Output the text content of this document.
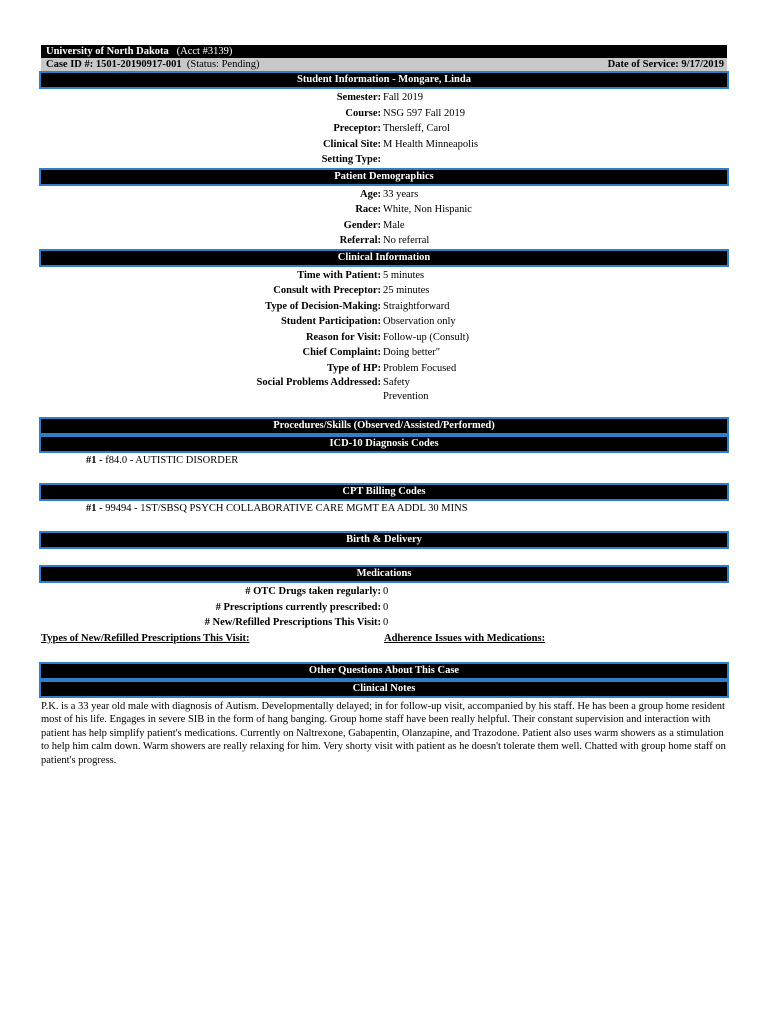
University of North Dakota (Acct #3139)
Case ID #: 1501-20190917-001 (Status: Pending)	Date of Service: 9/17/2019
Student Information - Mongare, Linda
Semester: Fall 2019
Course: NSG 597 Fall 2019
Preceptor: Thersleff, Carol
Clinical Site: M Health Minneapolis
Setting Type:
Patient Demographics
Age: 33 years
Race: White, Non Hispanic
Gender: Male
Referral: No referral
Clinical Information
Time with Patient: 5 minutes
Consult with Preceptor: 25 minutes
Type of Decision-Making: Straightforward
Student Participation: Observation only
Reason for Visit: Follow-up (Consult)
Chief Complaint: Doing better"
Type of HP: Problem Focused
Social Problems Addressed: Safety
Prevention
Procedures/Skills (Observed/Assisted/Performed)
ICD-10 Diagnosis Codes
#1 - f84.0 - AUTISTIC DISORDER
CPT Billing Codes
#1 - 99494 - 1ST/SBSQ PSYCH COLLABORATIVE CARE MGMT EA ADDL 30 MINS
Birth & Delivery
Medications
# OTC Drugs taken regularly: 0
# Prescriptions currently prescribed: 0
# New/Refilled Prescriptions This Visit: 0
Types of New/Refilled Prescriptions This Visit:	Adherence Issues with Medications:
Other Questions About This Case
Clinical Notes
P.K. is a 33 year old male with diagnosis of Autism. Developmentally delayed; in for follow-up visit, accompanied by his staff. He has been a group home resident most of his life. Engages in severe SIB in the form of hang banging. Group home staff have been really helpful. Their constant supervision and interaction with patient has help simplify patient's medications. Currently on Naltrexone, Gabapentin, Olanzapine, and Trazodone. Patient also uses warm showers as a stimulation to help him calm down. Warm showers are really relaxing for him. Very shorty visit with patient as he doesn't tolerate them well. Chatted with group home staff on patient's progress.
